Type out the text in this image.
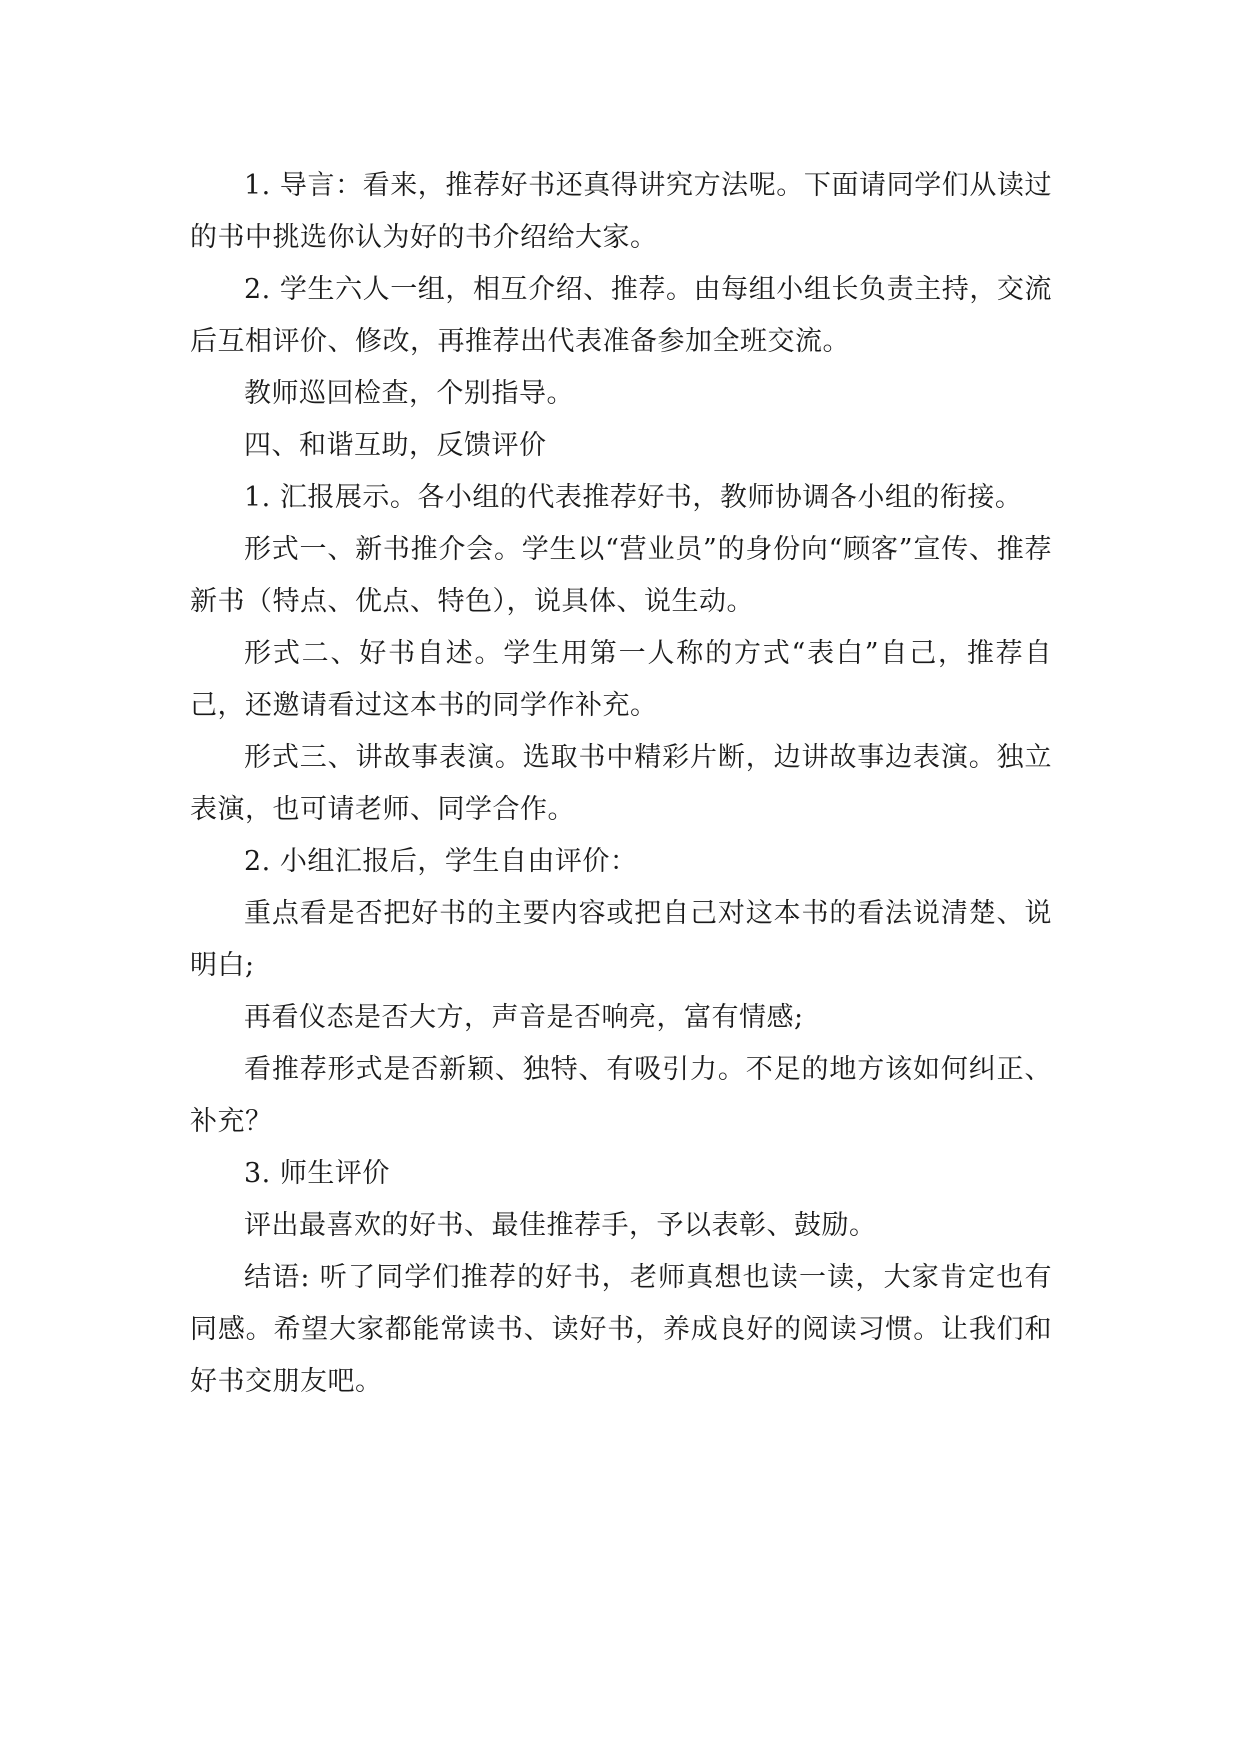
1. 导言：看来，推荐好书还真得讲究方法呢。下面请同学们从读过的书中挑选你认为好的书介绍给大家。

2. 学生六人一组，相互介绍、推荐。由每组小组长负责主持，交流后互相评价、修改，再推荐出代表准备参加全班交流。

教师巡回检查，个别指导。

四、和谐互助，反馈评价

1. 汇报展示。各小组的代表推荐好书，教师协调各小组的衔接。

形式一、新书推介会。学生以“营业员”的身份向“顾客”宣传、推荐新书（特点、优点、特色），说具体、说生动。

形式二、好书自述。学生用第一人称的方式“表白”自己，推荐自己，还邀请看过这本书的同学作补充。

形式三、讲故事表演。选取书中精彩片断，边讲故事边表演。独立表演，也可请老师、同学合作。

2. 小组汇报后，学生自由评价：

重点看是否把好书的主要内容或把自己对这本书的看法说清楚、说明白;

再看仪态是否大方，声音是否响亮，富有情感;

看推荐形式是否新颖、独特、有吸引力。不足的地方该如何纠正、补充？

3. 师生评价

评出最喜欢的好书、最佳推荐手，予以表彰、鼓励。

结语: 听了同学们推荐的好书，老师真想也读一读，大家肯定也有同感。希望大家都能常读书、读好书，养成良好的阅读习惯。让我们和好书交朋友吧。
